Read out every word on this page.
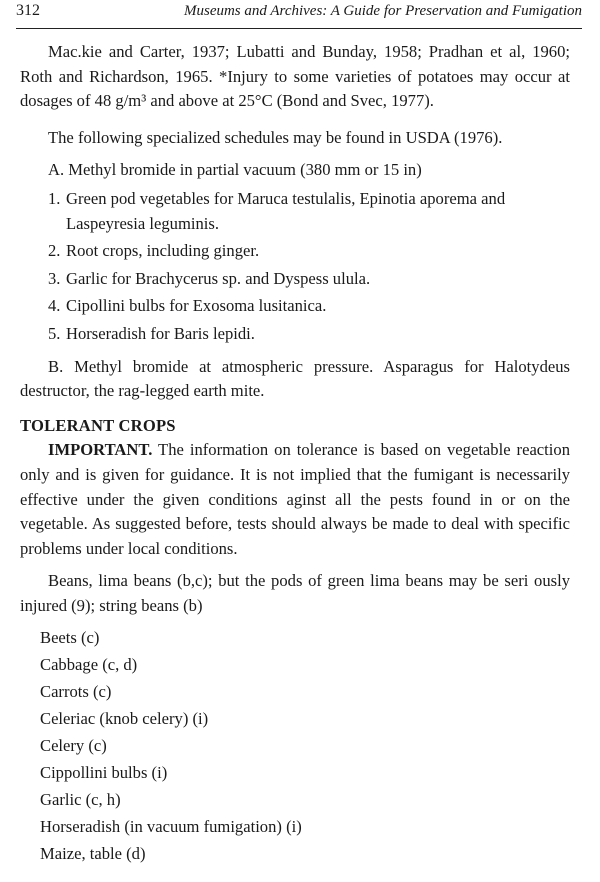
312	Museums and Archives: A Guide for Preservation and Fumigation

Mac.kie and Carter, 1937; Lubatti and Bunday, 1958; Pradhan et al, 1960; Roth and Richardson, 1965. *Injury to some varieties of potatoes may occur at dosages of 48 g/m³ and above at 25°C (Bond and Svec, 1977).

The following specialized schedules may be found in USDA (1976).

A. Methyl bromide in partial vacuum (380 mm or 15 in)

1. Green pod vegetables for Maruca testulalis, Epinotia aporema and Laspeyresia leguminis.
2. Root crops, including ginger.
3. Garlic for Brachycerus sp. and Dyspess ulula.
4. Cipollini bulbs for Exosoma lusitanica.
5. Horseradish for Baris lepidi.

B. Methyl bromide at atmospheric pressure. Asparagus for Halotydeus destructor, the rag-legged earth mite.

TOLERANT CROPS

IMPORTANT. The information on tolerance is based on vegetable reaction only and is given for guidance. It is not implied that the fumigant is necessarily effective under the given conditions aginst all the pests found in or on the vegetable. As suggested before, tests should always be made to deal with specific problems under local conditions.

Beans, lima beans (b,c); but the pods of green lima beans may be seri ously injured (9); string beans (b)

Beets (c)
Cabbage (c, d)
Carrots (c)
Celeriac (knob celery) (i)
Celery (c)
Cippollini bulbs (i)
Garlic (c, h)
Horseradish (in vacuum fumigation) (i)
Maize, table (d)
